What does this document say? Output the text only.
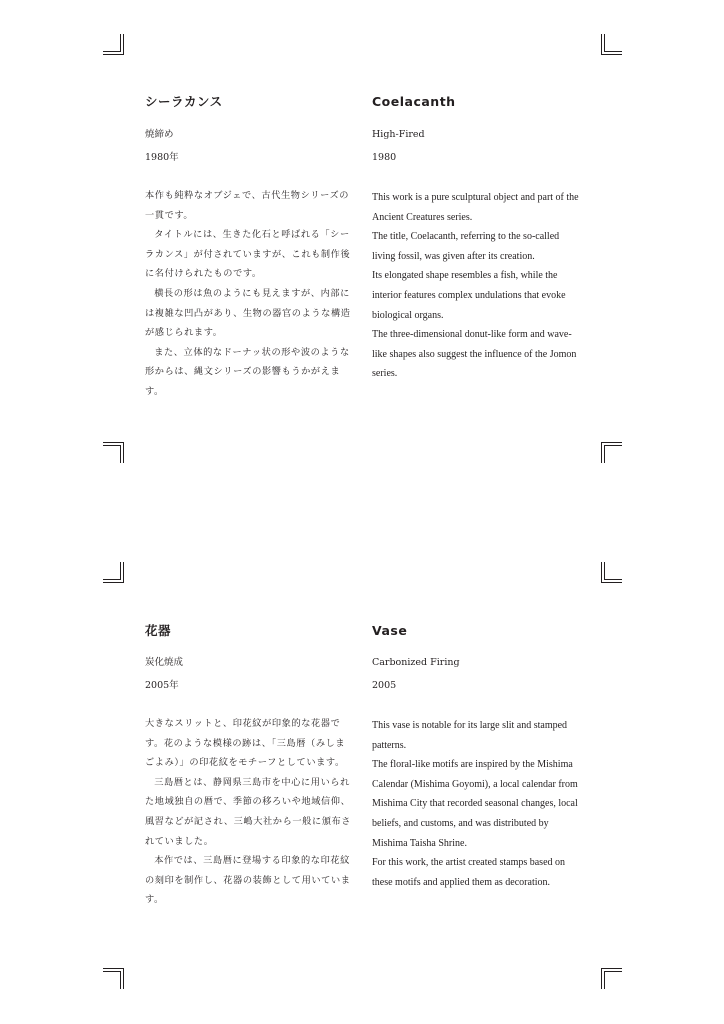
シーラカンス
焼締め
1980年

本作も純粋なオブジェで、古代生物シリーズの一貫です。

タイトルには、生きた化石と呼ばれる「シーラカンス」が付されていますが、これも制作後に名付けられたものです。

横長の形は魚のようにも見えますが、内部には複雑な凹凸があり、生物の器官のような構造が感じられます。

また、立体的なドーナッ状の形や波のような形からは、縄文シリーズの影響もうかがえます。

Coelacanth
High-Fired
1980

This work is a pure sculptural object and part of the Ancient Creatures series.

The title, Coelacanth, referring to the so-called living fossil, was given after its creation.

Its elongated shape resembles a fish, while the interior features complex undulations that evoke biological organs.

The three-dimensional donut-like form and wave-like shapes also suggest the influence of the Jomon series.

花器
炭化焼成
2005年

大きなスリットと、印花紋が印象的な花器です。花のような模様の跡は、「三島暦（みしまごよみ）」の印花紋をモチーフとしています。

三島暦とは、静岡県三島市を中心に用いられた地域独自の暦で、季節の移ろいや地域信仰、風習などが記され、三嶋大社から一般に頒布されていました。

本作では、三島暦に登場する印象的な印花紋の刻印を制作し、花器の装飾として用いています。

Vase
Carbonized Firing
2005

This vase is notable for its large slit and stamped patterns.

The floral-like motifs are inspired by the Mishima Calendar (Mishima Goyomi), a local calendar from Mishima City that recorded seasonal changes, local beliefs, and customs, and was distributed by Mishima Taisha Shrine.

For this work, the artist created stamps based on these motifs and applied them as decoration.
